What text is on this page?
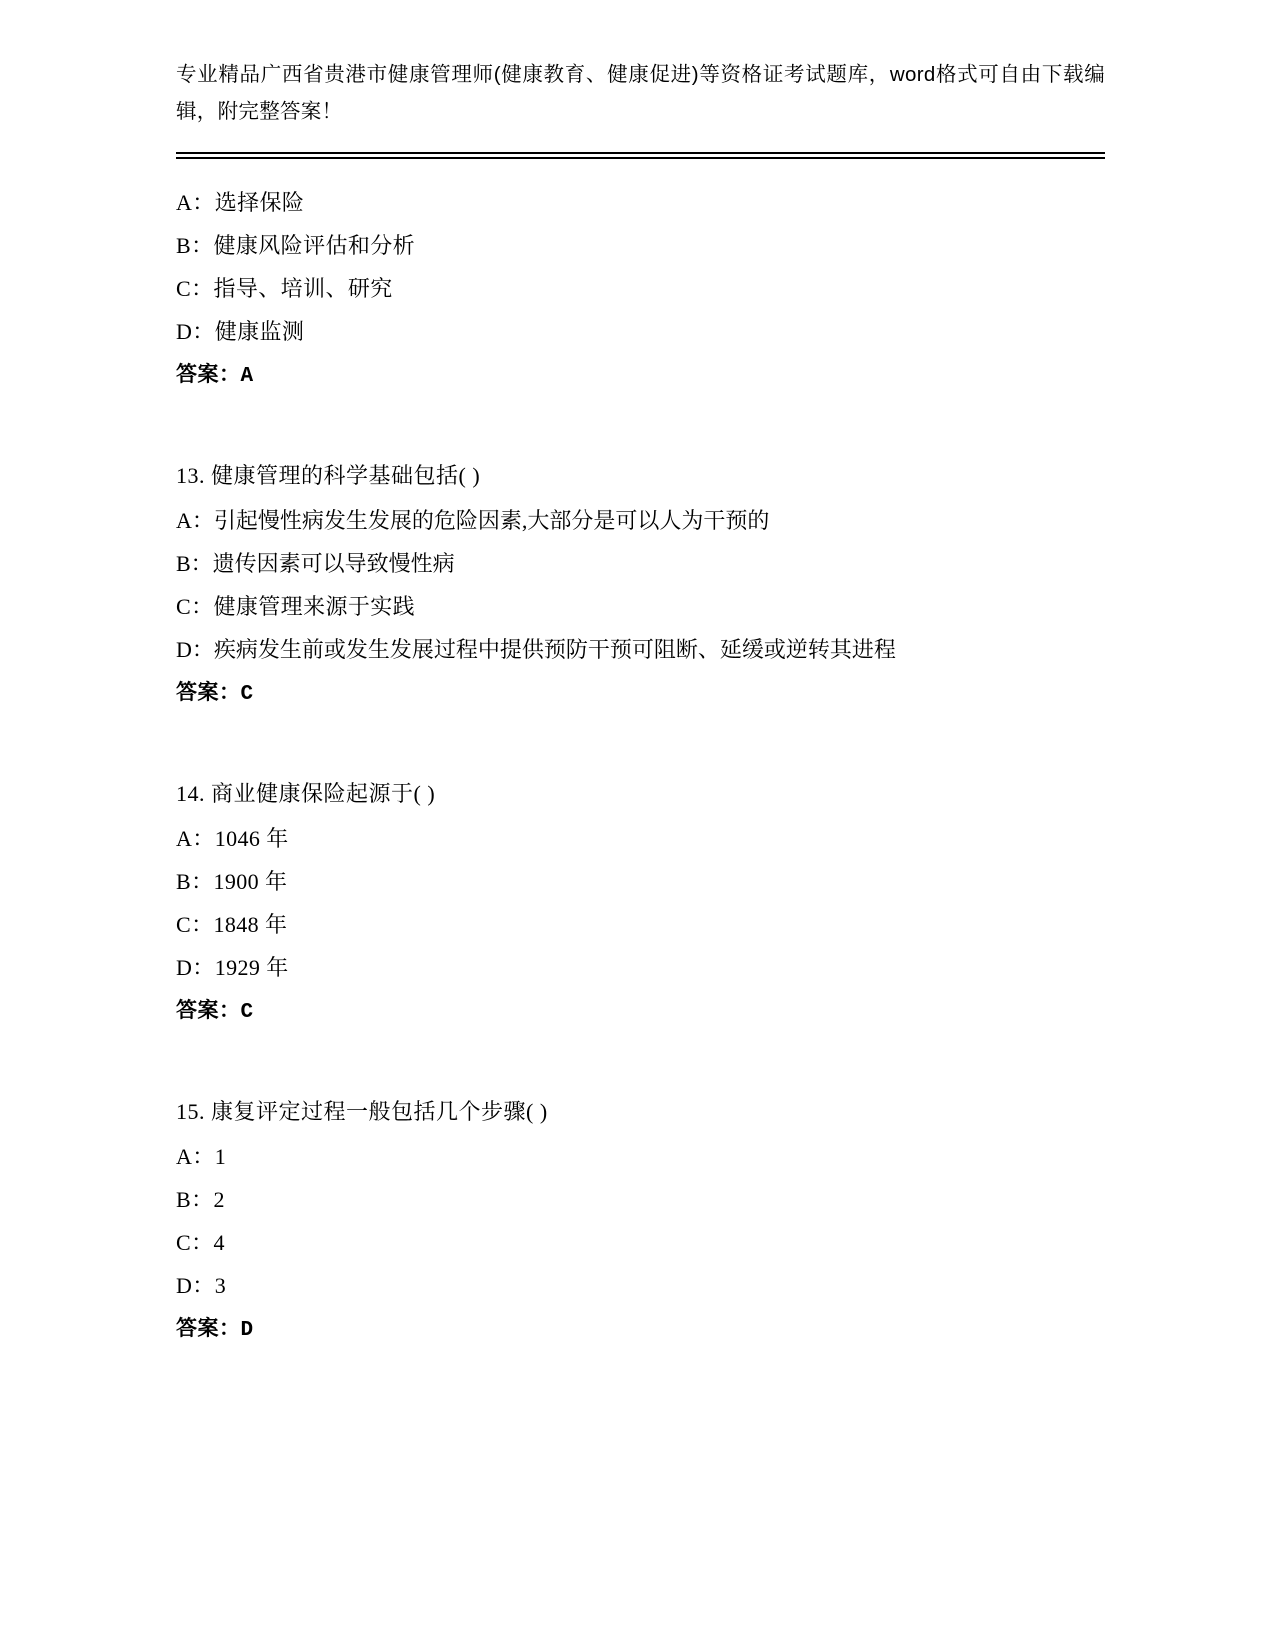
专业精品广西省贵港市健康管理师(健康教育、健康促进)等资格证考试题库，word格式可自由下载编辑，附完整答案！

A：选择保险

B：健康风险评估和分析

C：指导、培训、研究

D：健康监测

答案：A

13. 健康管理的科学基础包括( )

A：引起慢性病发生发展的危险因素,大部分是可以人为干预的

B：遗传因素可以导致慢性病

C：健康管理来源于实践

D：疾病发生前或发生发展过程中提供预防干预可阻断、延缓或逆转其进程

答案：C

14. 商业健康保险起源于( )

A：1046 年

B：1900 年

C：1848 年

D：1929 年

答案：C

15. 康复评定过程一般包括几个步骤( )

A：1

B：2

C：4

D：3

答案：D
